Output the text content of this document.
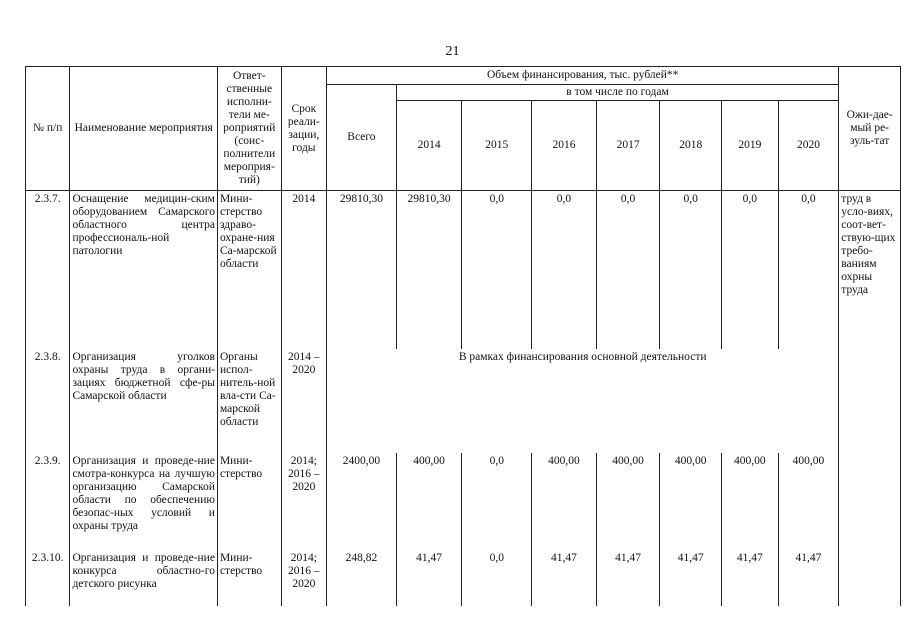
21
№ п/п	Наименование мероприятия	Ответ-ственные исполни-тели ме-роприятий (соис-полнители мероприя-тий)	Срок реали-зации, годы	Объем финансирования, тыс. рублей**								Ожи-дае-мый ре-зуль-тат
				Всего	в том числе по годам							
					2014	2015	2016	2017	2018	2019	2020	
2.3.7.	Оснащение медицин-ским оборудованием Самарского областного центра профессиональ-ной патологии	Мини-стерство здраво-охране-ния Са-марской области	2014	29810,30	29810,30	0,0	0,0	0,0	0,0	0,0	0,0	труд в усло-виях, соот-вет-ствую-щих требо-ваниям охрны труда
2.3.8.	Организация уголков охраны труда в органи-зациях бюджетной сфе-ры Самарской области	Органы испол-нитель-ной вла-сти Са-марской области	2014 – 2020	В рамках финансирования основной деятельности								
2.3.9.	Организация и проведе-ние смотра-конкурса на лучшую организацию Самарской области по обеспечению безопас-ных условий и охраны труда	Мини-стерство	2014; 2016 – 2020	2400,00	400,00	0,0	400,00	400,00	400,00	400,00	400,00	
2.3.10.	Организация и проведе-ние конкурса областно-го детского рисунка	Мини-стерство	2014; 2016 – 2020	248,82	41,47	0,0	41,47	41,47	41,47	41,47	41,47	
